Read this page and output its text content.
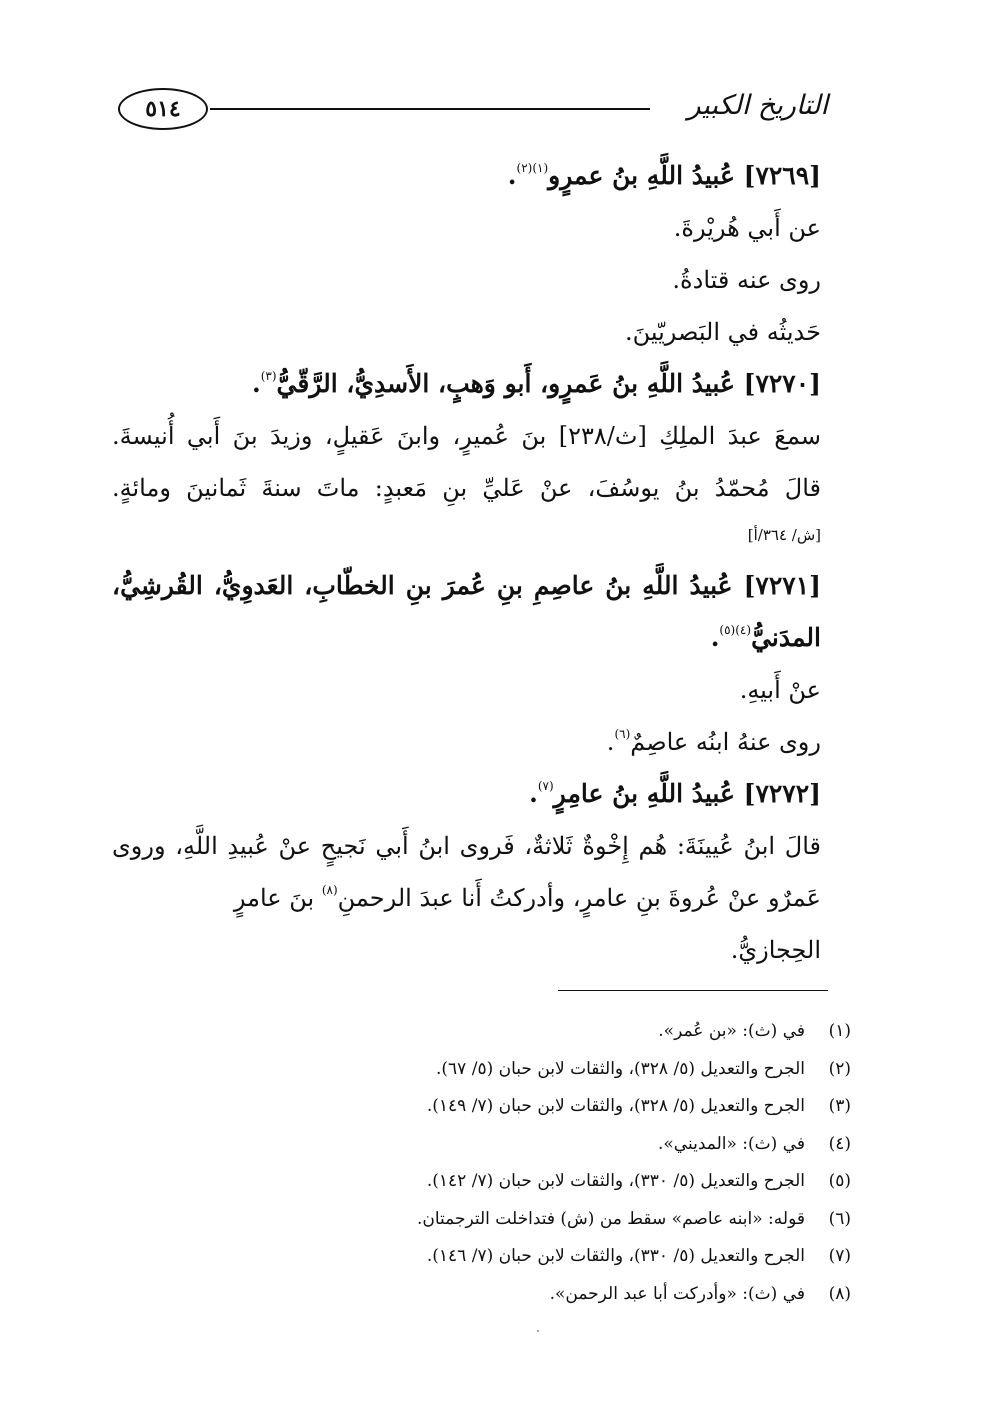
التاريخ الكبير
٥١٤
[٧٢٦٩] عُبيدُ اللَّهِ بنُ عمرٍو$^{(١)(٢)}$.
عن أَبي هُريْرةَ.
روى عنه قتادةُ.
حَديثُه في البَصريّينَ.
[٧٢٧٠] عُبيدُ اللَّهِ بنُ عَمرٍو، أَبو وَهبٍ، الأَسدِيُّ، الرَّقّيُّ$^{(٣)}$.
سمعَ عبدَ الملِكِ [ث/٢٣٨] بنَ عُميرٍ، وابنَ عَقيلٍ، وزيدَ بنَ أَبي أُنيسةَ.
قالَ مُحمّدُ بنُ يوسُفَ، عنْ عَليِّ بنِ مَعبدٍ: ماتَ سنةَ ثَمانينَ ومائةٍ.
[ش/ ٣٦٤/أ]
[٧٢٧١] عُبيدُ اللَّهِ بنُ عاصِمِ بنِ عُمرَ بنِ الخطّابِ، العَدوِيُّ، القُرشِيُّ،
المدَنيُّ$^{(٤)(٥)}$.
عنْ أَبيهِ.
روى عنهُ ابنُه عاصِمٌ$^{(٦)}$.
[٧٢٧٢] عُبيدُ اللَّهِ بنُ عامِرٍ$^{(٧)}$.
قالَ ابنُ عُيينَةَ: هُم إِخْوةٌ ثَلاثةٌ، فَروى ابنُ أَبي نَجيحٍ عنْ عُبيدِ اللَّهِ، وروى
عَمرٌو عنْ عُروةَ بنِ عامرٍ، وأدركتُ أَنا عبدَ الرحمنِ$^{(٨)}$ بنَ عامرٍ
الحِجازيُّ.
(١)
في (ث): «بن عُمر».
(٢)
الجرح والتعديل (٥/ ٣٢٨)، والثقات لابن حبان (٥/ ٦٧).
(٣)
الجرح والتعديل (٥/ ٣٢٨)، والثقات لابن حبان (٧/ ١٤٩).
(٤)
في (ث): «المديني».
(٥)
الجرح والتعديل (٥/ ٣٣٠)، والثقات لابن حبان (٧/ ١٤٢).
(٦)
قوله: «ابنه عاصم» سقط من (ش) فتداخلت الترجمتان.
(٧)
الجرح والتعديل (٥/ ٣٣٠)، والثقات لابن حبان (٧/ ١٤٦).
(٨)
في (ث): «وأدركت أبا عبد الرحمن».
